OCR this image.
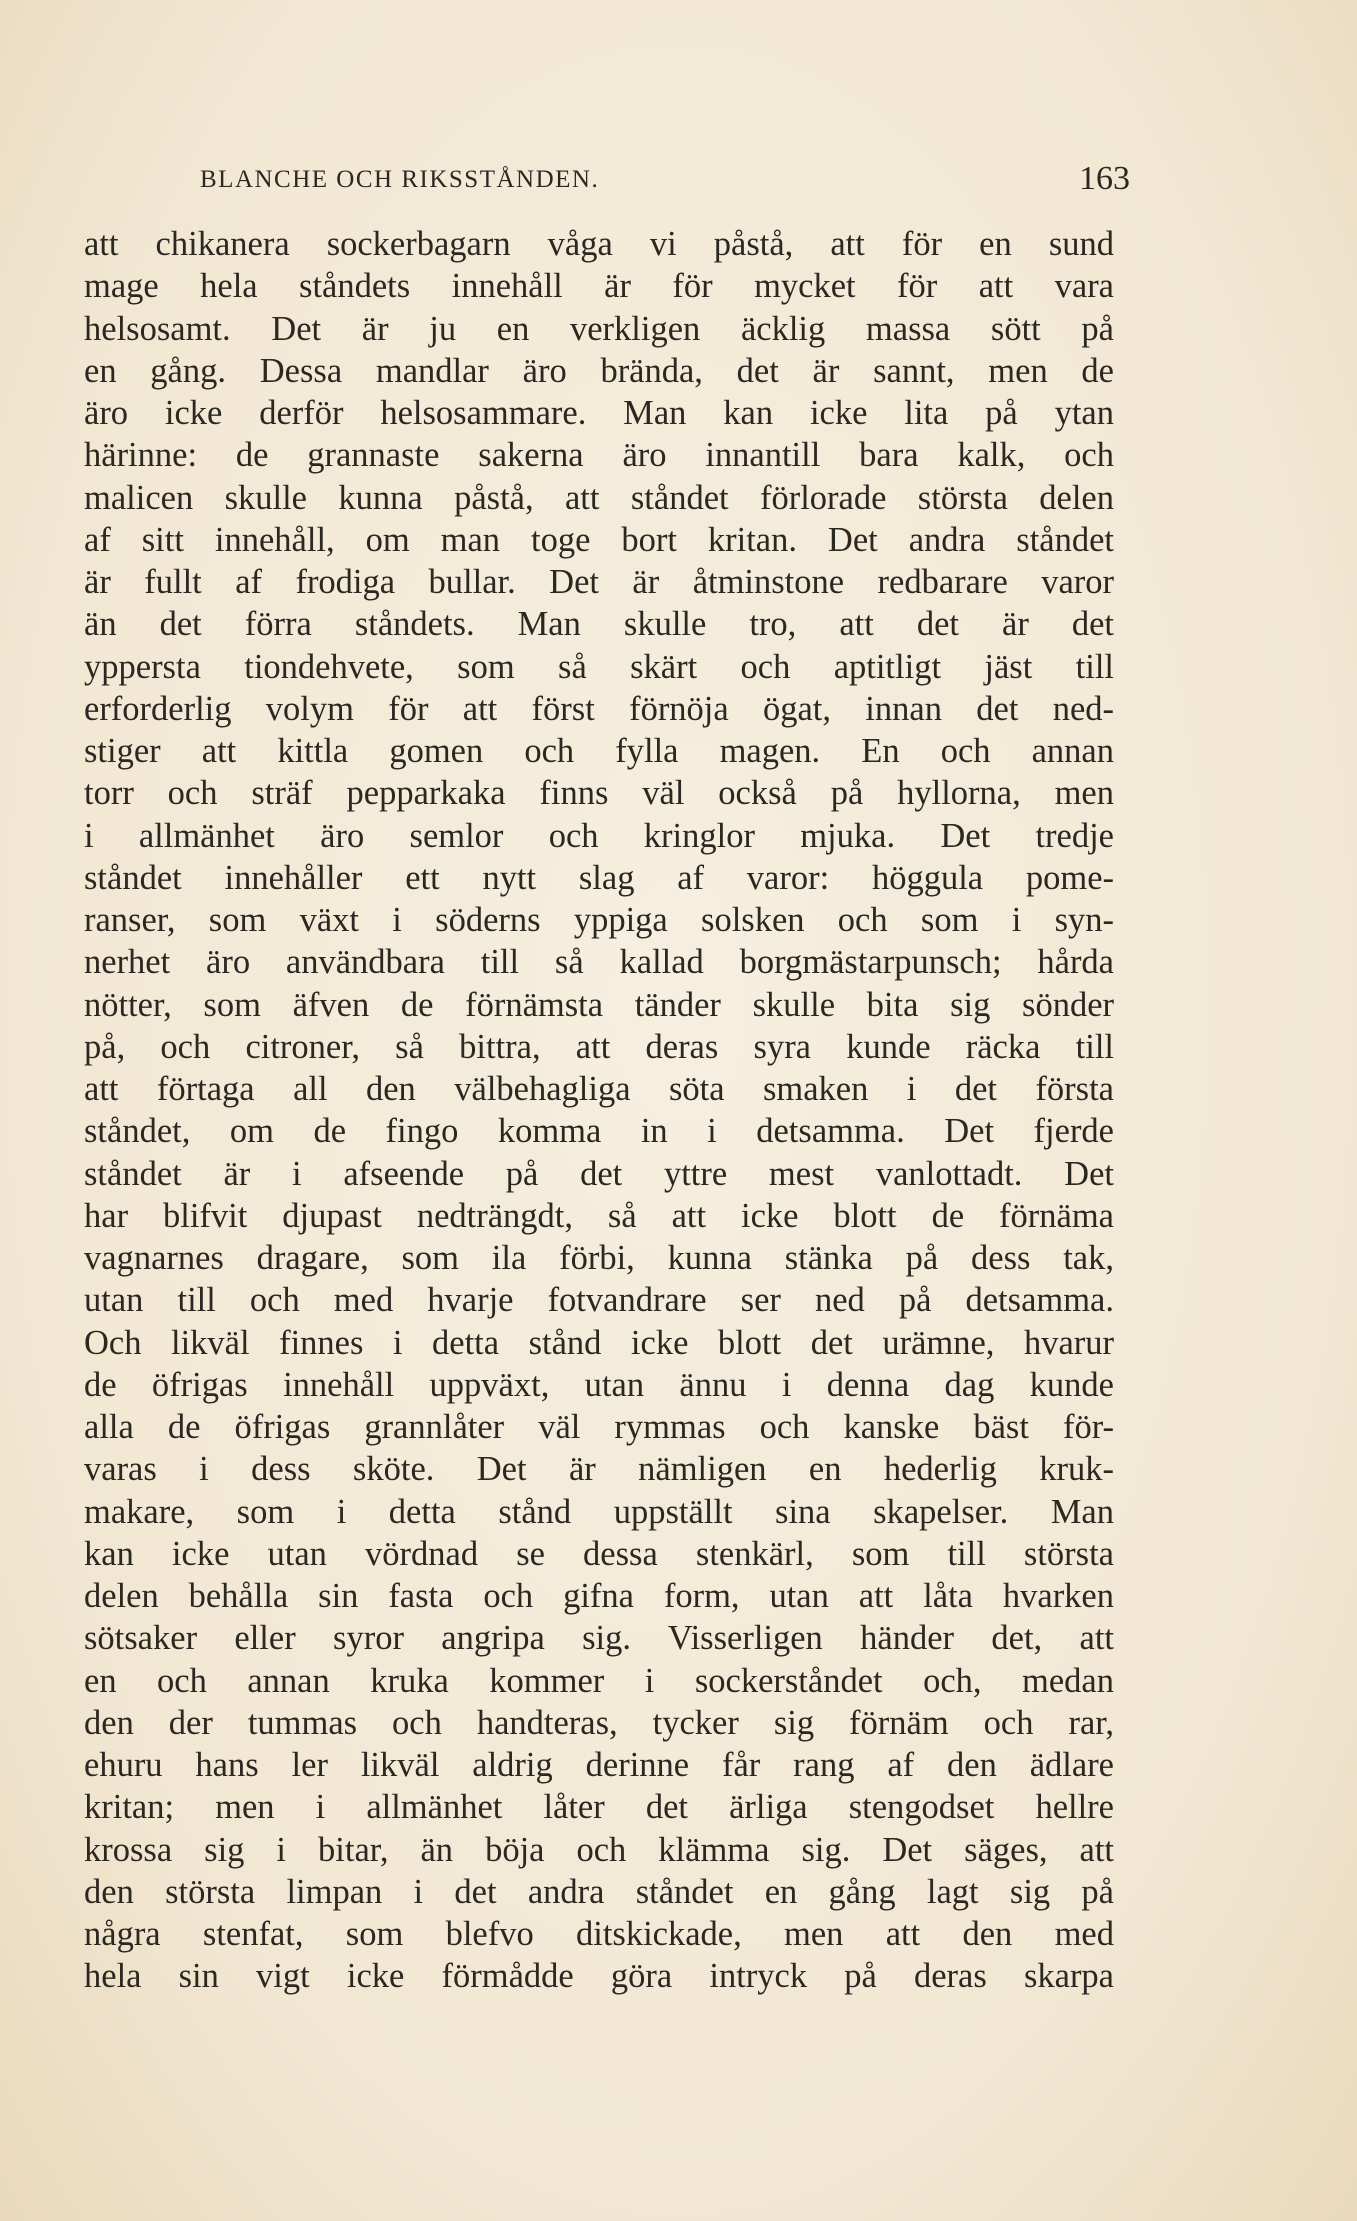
BLANCHE OCH RIKSSTÅNDEN.	163
att chikanera sockerbagarn våga vi påstå, att för en sund
mage hela ståndets innehåll är för mycket för att vara
helsosamt. Det är ju en verkligen äcklig massa sött på
en gång. Dessa mandlar äro brända, det är sannt, men de
äro icke derför helsosammare. Man kan icke lita på ytan
härinne: de grannaste sakerna äro innantill bara kalk, och
malicen skulle kunna påstå, att ståndet förlorade största delen
af sitt innehåll, om man toge bort kritan. Det andra ståndet
är fullt af frodiga bullar. Det är åtminstone redbarare varor
än det förra ståndets. Man skulle tro, att det är det
yppersta tiondehvete, som så skärt och aptitligt jäst till
erforderlig volym för att först förnöja ögat, innan det ned-
stiger att kittla gomen och fylla magen. En och annan
torr och sträf pepparkaka finns väl också på hyllorna, men
i allmänhet äro semlor och kringlor mjuka. Det tredje
ståndet innehåller ett nytt slag af varor: höggula pome-
ranser, som växt i söderns yppiga solsken och som i syn-
nerhet äro användbara till så kallad borgmästarpunsch; hårda
nötter, som äfven de förnämsta tänder skulle bita sig sönder
på, och citroner, så bittra, att deras syra kunde räcka till
att förtaga all den välbehagliga söta smaken i det första
ståndet, om de fingo komma in i detsamma. Det fjerde
ståndet är i afseende på det yttre mest vanlottadt. Det
har blifvit djupast nedträngdt, så att icke blott de förnäma
vagnarnes dragare, som ila förbi, kunna stänka på dess tak,
utan till och med hvarje fotvandrare ser ned på detsamma.
Och likväl finnes i detta stånd icke blott det urämne, hvarur
de öfrigas innehåll uppväxt, utan ännu i denna dag kunde
alla de öfrigas grannlåter väl rymmas och kanske bäst för-
varas i dess sköte. Det är nämligen en hederlig kruk-
makare, som i detta stånd uppställt sina skapelser. Man
kan icke utan vördnad se dessa stenkärl, som till största
delen behålla sin fasta och gifna form, utan att låta hvarken
sötsaker eller syror angripa sig. Visserligen händer det, att
en och annan kruka kommer i sockerståndet och, medan
den der tummas och handteras, tycker sig förnäm och rar,
ehuru hans ler likväl aldrig derinne får rang af den ädlare
kritan; men i allmänhet låter det ärliga stengodset hellre
krossa sig i bitar, än böja och klämma sig. Det säges, att
den största limpan i det andra ståndet en gång lagt sig på
några stenfat, som blefvo ditskickade, men att den med
hela sin vigt icke förmådde göra intryck på deras skarpa
